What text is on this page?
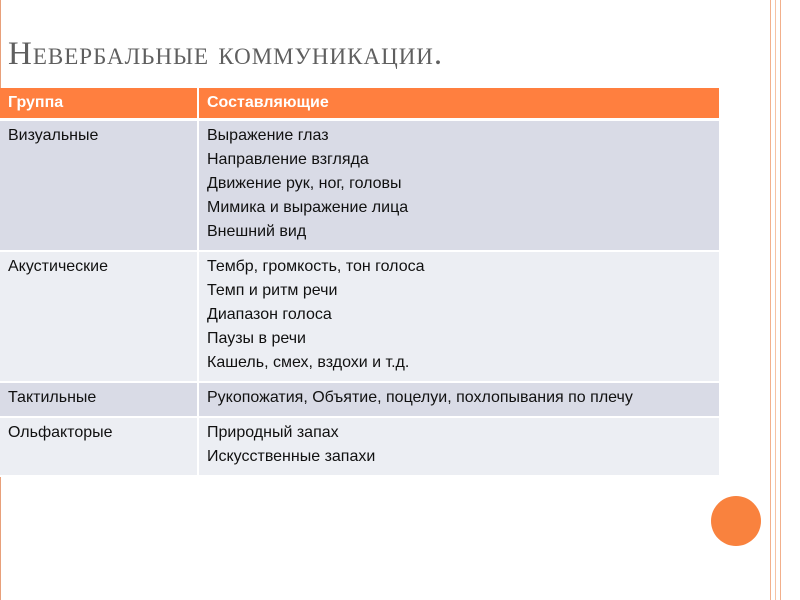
Невербальные коммуникации.
Группа	Составляющие
Визуальные	Выражение глаз
Направление взгляда
Движение рук, ног, головы
Мимика и выражение лица
Внешний вид

Акустические	Тембр, громкость, тон голоса
Темп и ритм речи
Диапазон голоса
Паузы в речи
Кашель, смех, вздохи и т.д.

Тактильные	Рукопожатия, Объятие, поцелуи, похлопывания по плечу

Ольфакторые	Природный запах
Искусственные запахи
